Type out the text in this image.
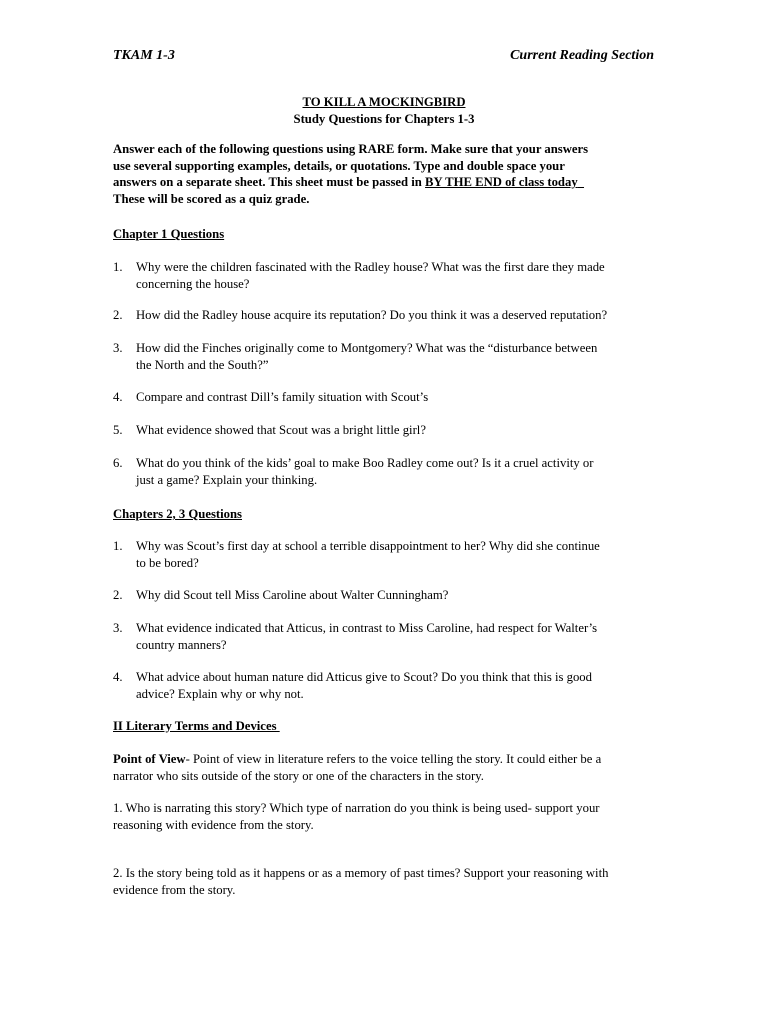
TKAM 1-3	Current Reading Section
TO KILL A MOCKINGBIRD
Study Questions for Chapters 1-3
Answer each of the following questions using RARE form. Make sure that your answers
use several supporting examples, details, or quotations. Type and double space your
answers on a separate sheet. This sheet must be passed in BY THE END of class today
These will be scored as a quiz grade.
Chapter 1 Questions
1. Why were the children fascinated with the Radley house? What was the first dare they made
concerning the house?
2. How did the Radley house acquire its reputation? Do you think it was a deserved reputation?
3. How did the Finches originally come to Montgomery? What was the “disturbance between
the North and the South?”
4. Compare and contrast Dill’s family situation with Scout’s
5. What evidence showed that Scout was a bright little girl?
6. What do you think of the kids’ goal to make Boo Radley come out? Is it a cruel activity or
just a game? Explain your thinking.
Chapters 2, 3 Questions
1. Why was Scout’s first day at school a terrible disappointment to her? Why did she continue
to be bored?
2. Why did Scout tell Miss Caroline about Walter Cunningham?
3. What evidence indicated that Atticus, in contrast to Miss Caroline, had respect for Walter’s
country manners?
4. What advice about human nature did Atticus give to Scout? Do you think that this is good
advice? Explain why or why not.
II Literary Terms and Devices
Point of View- Point of view in literature refers to the voice telling the story. It could either be a
narrator who sits outside of the story or one of the characters in the story.
1. Who is narrating this story? Which type of narration do you think is being used- support your
reasoning with evidence from the story.
2. Is the story being told as it happens or as a memory of past times? Support your reasoning with
evidence from the story.
